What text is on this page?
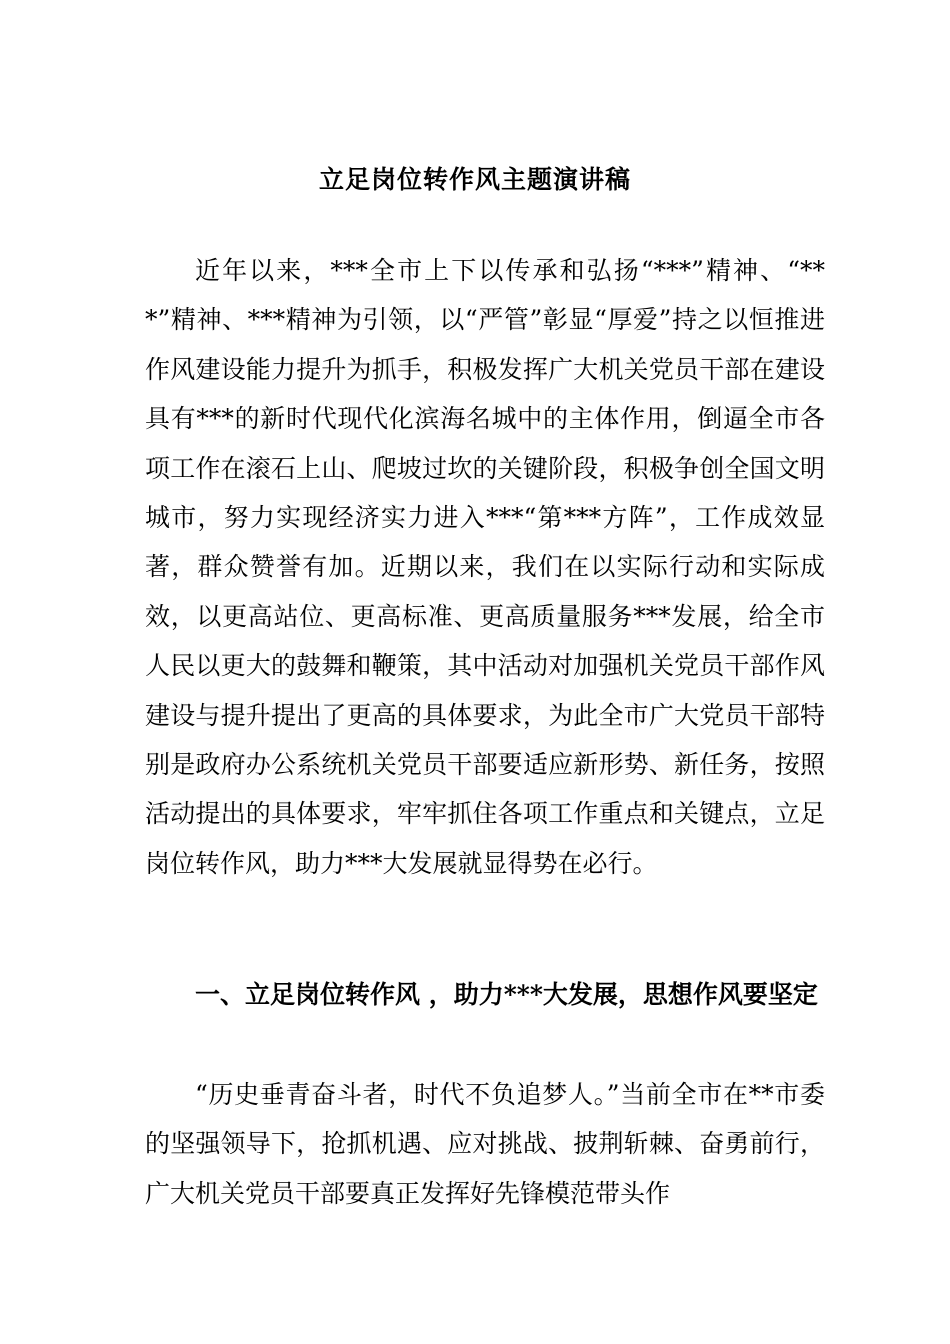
立足岗位转作风主题演讲稿

近年以来，***全市上下以传承和弘扬“***”精神、“***”精神、***精神为引领，以“严管”彰显“厚爱”持之以恒推进作风建设能力提升为抓手，积极发挥广大机关党员干部在建设具有***的新时代现代化滨海名城中的主体作用，倒逼全市各项工作在滚石上山、爬坡过坎的关键阶段，积极争创全国文明城市，努力实现经济实力进入***“第***方阵”，工作成效显著，群众赞誉有加。近期以来，我们在以实际行动和实际成效，以更高站位、更高标准、更高质量服务***发展，给全市人民以更大的鼓舞和鞭策，其中活动对加强机关党员干部作风建设与提升提出了更高的具体要求，为此全市广大党员干部特别是政府办公系统机关党员干部要适应新形势、新任务，按照活动提出的具体要求，牢牢抓住各项工作重点和关键点，立足岗位转作风，助力***大发展就显得势在必行。

一、立足岗位转作风 ，助力***大发展，思想作风要坚定

“历史垂青奋斗者，时代不负追梦人。”当前全市在**市委的坚强领导下，抢抓机遇、应对挑战、披荆斩棘、奋勇前行，广大机关党员干部要真正发挥好先锋模范带头作
